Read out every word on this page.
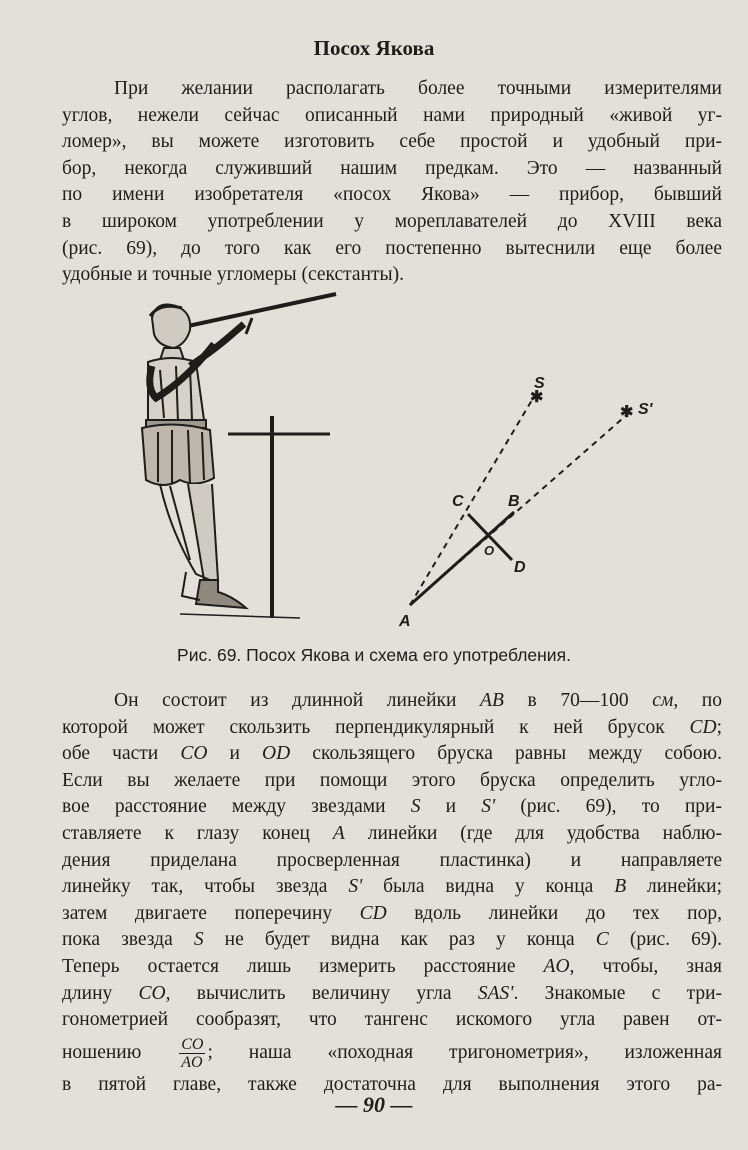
Посох Якова
При желании располагать более точными измерителями
углов, нежели сейчас описанный нами природный «живой уг-
ломер», вы можете изготовить себе простой и удобный при-
бор, некогда служивший нашим предкам. Это — названный
по имени изобретателя «посох Якова» — прибор, бывший
в широком употреблении у мореплавателей до XVIII века
(рис. 69), до того как его постепенно вытеснили еще более
удобные и точные угломеры (секстанты).
✱
✱
S
S'
A
B
C
D
O
Рис. 69. Посох Якова и схема его употребления.
Он состоит из длинной линейки AB в 70—100 см, по
которой может скользить перпендикулярный к ней брусок CD;
обе части CO и OD скользящего бруска равны между собою.
Если вы желаете при помощи этого бруска определить угло-
вое расстояние между звездами S и S' (рис. 69), то при-
ставляете к глазу конец A линейки (где для удобства наблю-
дения приделана просверленная пластинка) и направляете
линейку так, чтобы звезда S' была видна у конца B линейки;
затем двигаете поперечину CD вдоль линейки до тех пор,
пока звезда S не будет видна как раз у конца C (рис. 69).
Теперь остается лишь измерить расстояние AO, чтобы, зная
длину CO, вычислить величину угла SAS'. Знакомые с три-
гонометрией сообразят, что тангенс искомого угла равен от-
ношению $\frac{CO}{AO}$ ; наша «походная тригонометрия», изложенная
в пятой главе, также достаточна для выполнения этого ра-
— 90 —
